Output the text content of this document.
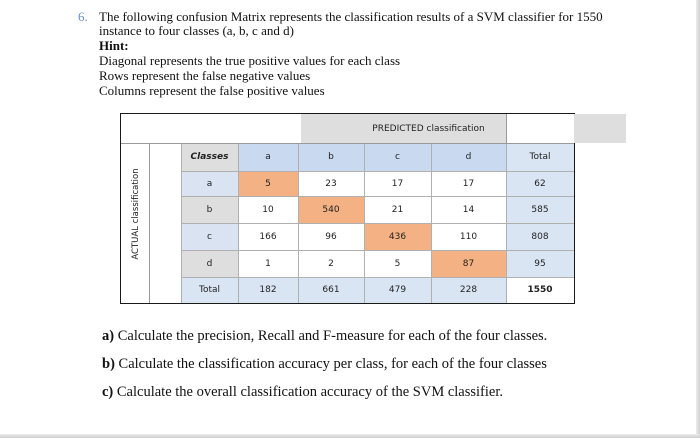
6. The following confusion Matrix represents the classification results of a SVM classifier for 1550
instance to four classes (a, b, c and d)
Hint:
Diagonal represents the true positive values for each class
Rows represent the false negative values
Columns represent the false positive values
PREDICTED classification
ACTUAL classification
Classes	a	b	c	d	Total
a	5	23	17	17	62
b	10	540	21	14	585
c	166	96	436	110	808
d	1	2	5	87	95
Total	182	661	479	228	1550
a) Calculate the precision, Recall and F-measure for each of the four classes.
b) Calculate the classification accuracy per class, for each of the four classes
c) Calculate the overall classification accuracy of the SVM classifier.
